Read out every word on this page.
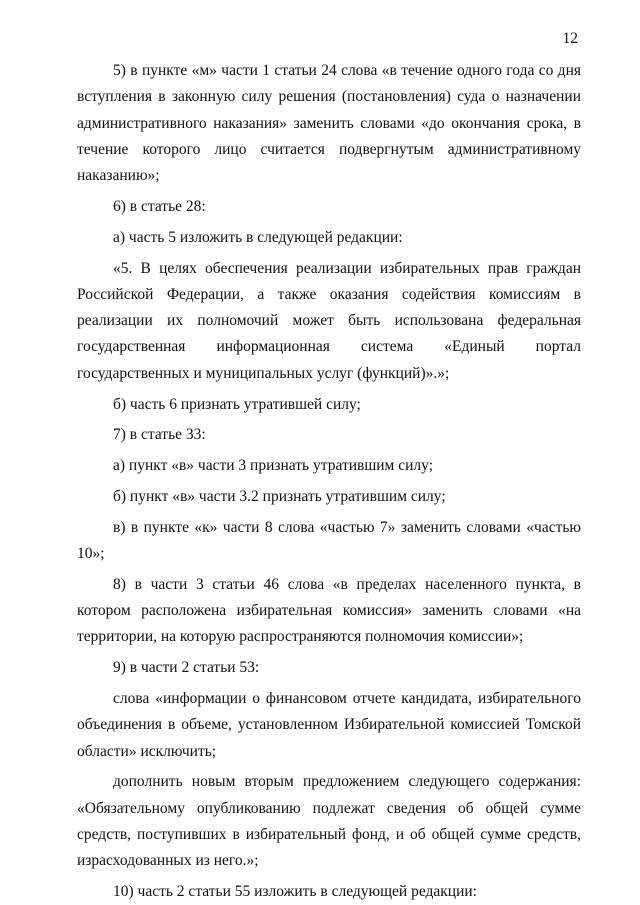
12

5) в пункте «м» части 1 статьи 24 слова «в течение одного года со дня вступления в законную силу решения (постановления) суда о назначении административного наказания» заменить словами «до окончания срока, в течение которого лицо считается подвергнутым административному наказанию»;

6) в статье 28:

а) часть 5 изложить в следующей редакции:

«5. В целях обеспечения реализации избирательных прав граждан Российской Федерации, а также оказания содействия комиссиям в реализации их полномочий может быть использована федеральная государственная информационная система «Единый портал государственных и муниципальных услуг (функций)».»;

б) часть 6 признать утратившей силу;

7) в статье 33:

а) пункт «в» части 3 признать утратившим силу;

б) пункт «в» части 3.2 признать утратившим силу;

в) в пункте «к» части 8 слова «частью 7» заменить словами «частью 10»;

8) в части 3 статьи 46 слова «в пределах населенного пункта, в котором расположена избирательная комиссия» заменить словами «на территории, на которую распространяются полномочия комиссии»;

9) в части 2 статьи 53:

слова «информации о финансовом отчете кандидата, избирательного объединения в объеме, установленном Избирательной комиссией Томской области» исключить;

дополнить новым вторым предложением следующего содержания: «Обязательному опубликованию подлежат сведения об общей сумме средств, поступивших в избирательный фонд, и об общей сумме средств, израсходованных из него.»;

10) часть 2 статьи 55 изложить в следующей редакции:
